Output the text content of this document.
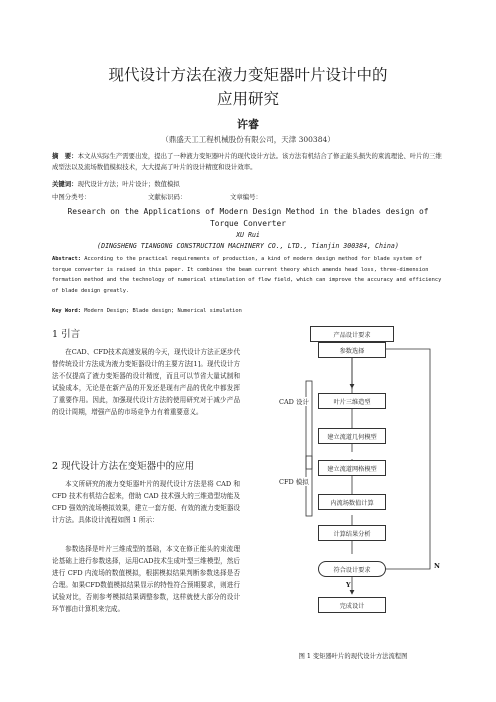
现代设计方法在液力变矩器叶片设计中的
应用研究
许睿
（鼎盛天工工程机械股份有限公司，天津 300384）
摘　要：本文从实际生产需要出发，提出了一种液力变矩器叶片的现代设计方法。该方法有机结合了修正能头损失的束流理论、叶片的三维成型法以及流场数值模拟技术，大大提高了叶片的设计精度和设计效率。
关键词：现代设计方法；叶片设计；数值模拟
中图分类号：	文献标识码：	文章编号：
Research on the Applications of Modern Design Method in the blades design of
Torque Converter
XU Rui
(DINGSHENG TIANGONG CONSTRUCTION MACHINERY CO., LTD., Tianjin 300384, China)
Abstract: According to the practical requirements of production, a kind of modern design method for blade system of torque converter is raised in this paper. It combines the beam current theory which amends head loss, three-dimension formation method and the technology of numerical stimulation of flow field, which can improve the accuracy and efficiency of blade design greatly.
Key Word: Modern Design; Blade design; Numerical simulation
1 引言
在CAD、CFD技术高速发展的今天，现代设计方法正逐步代替传统设计方法成为液力变矩器设计的主要方法[1]。现代设计方法不仅提高了液力变矩器的设计精度，而且可以节省大量试制和试验成本，无论是在新产品的开发还是现有产品的优化中都发挥了重要作用。因此，加强现代设计方法的使用研究对于减少产品的设计周期，增强产品的市场竞争力有着重要意义。
2 现代设计方法在变矩器中的应用
本文所研究的液力变矩器叶片的现代设计方法是将 CAD 和 CFD 技术有机结合起来，借助 CAD 技术强大的三维造型功能及 CFD 强效的流场模拟效果，建立一套方便、有效的液力变矩器设计方法。具体设计流程如图 1 所示：
参数选择是叶片三维成型的基础，本文在修正能头的束流理论基础上进行参数选择，运用CAD技术生成叶型三维模型，然后进行 CFD 内流场的数值模拟，根据模拟结果判断参数选择是否合理。如果CFD数值模拟结果显示的特性符合预期要求，则进行试验对比，否则参考模拟结果调整参数，这样就使大部分的设计环节都由计算机来完成。
产品设计要求
参数选择
叶片三维造型
建立流道几何模型
建立流道网格模型
内流场数值计算
计算结果分析
符合设计要求
完成设计
CAD 设计
CFD 模拟
Y
N
图 1 变矩器叶片的现代设计方法流程图
